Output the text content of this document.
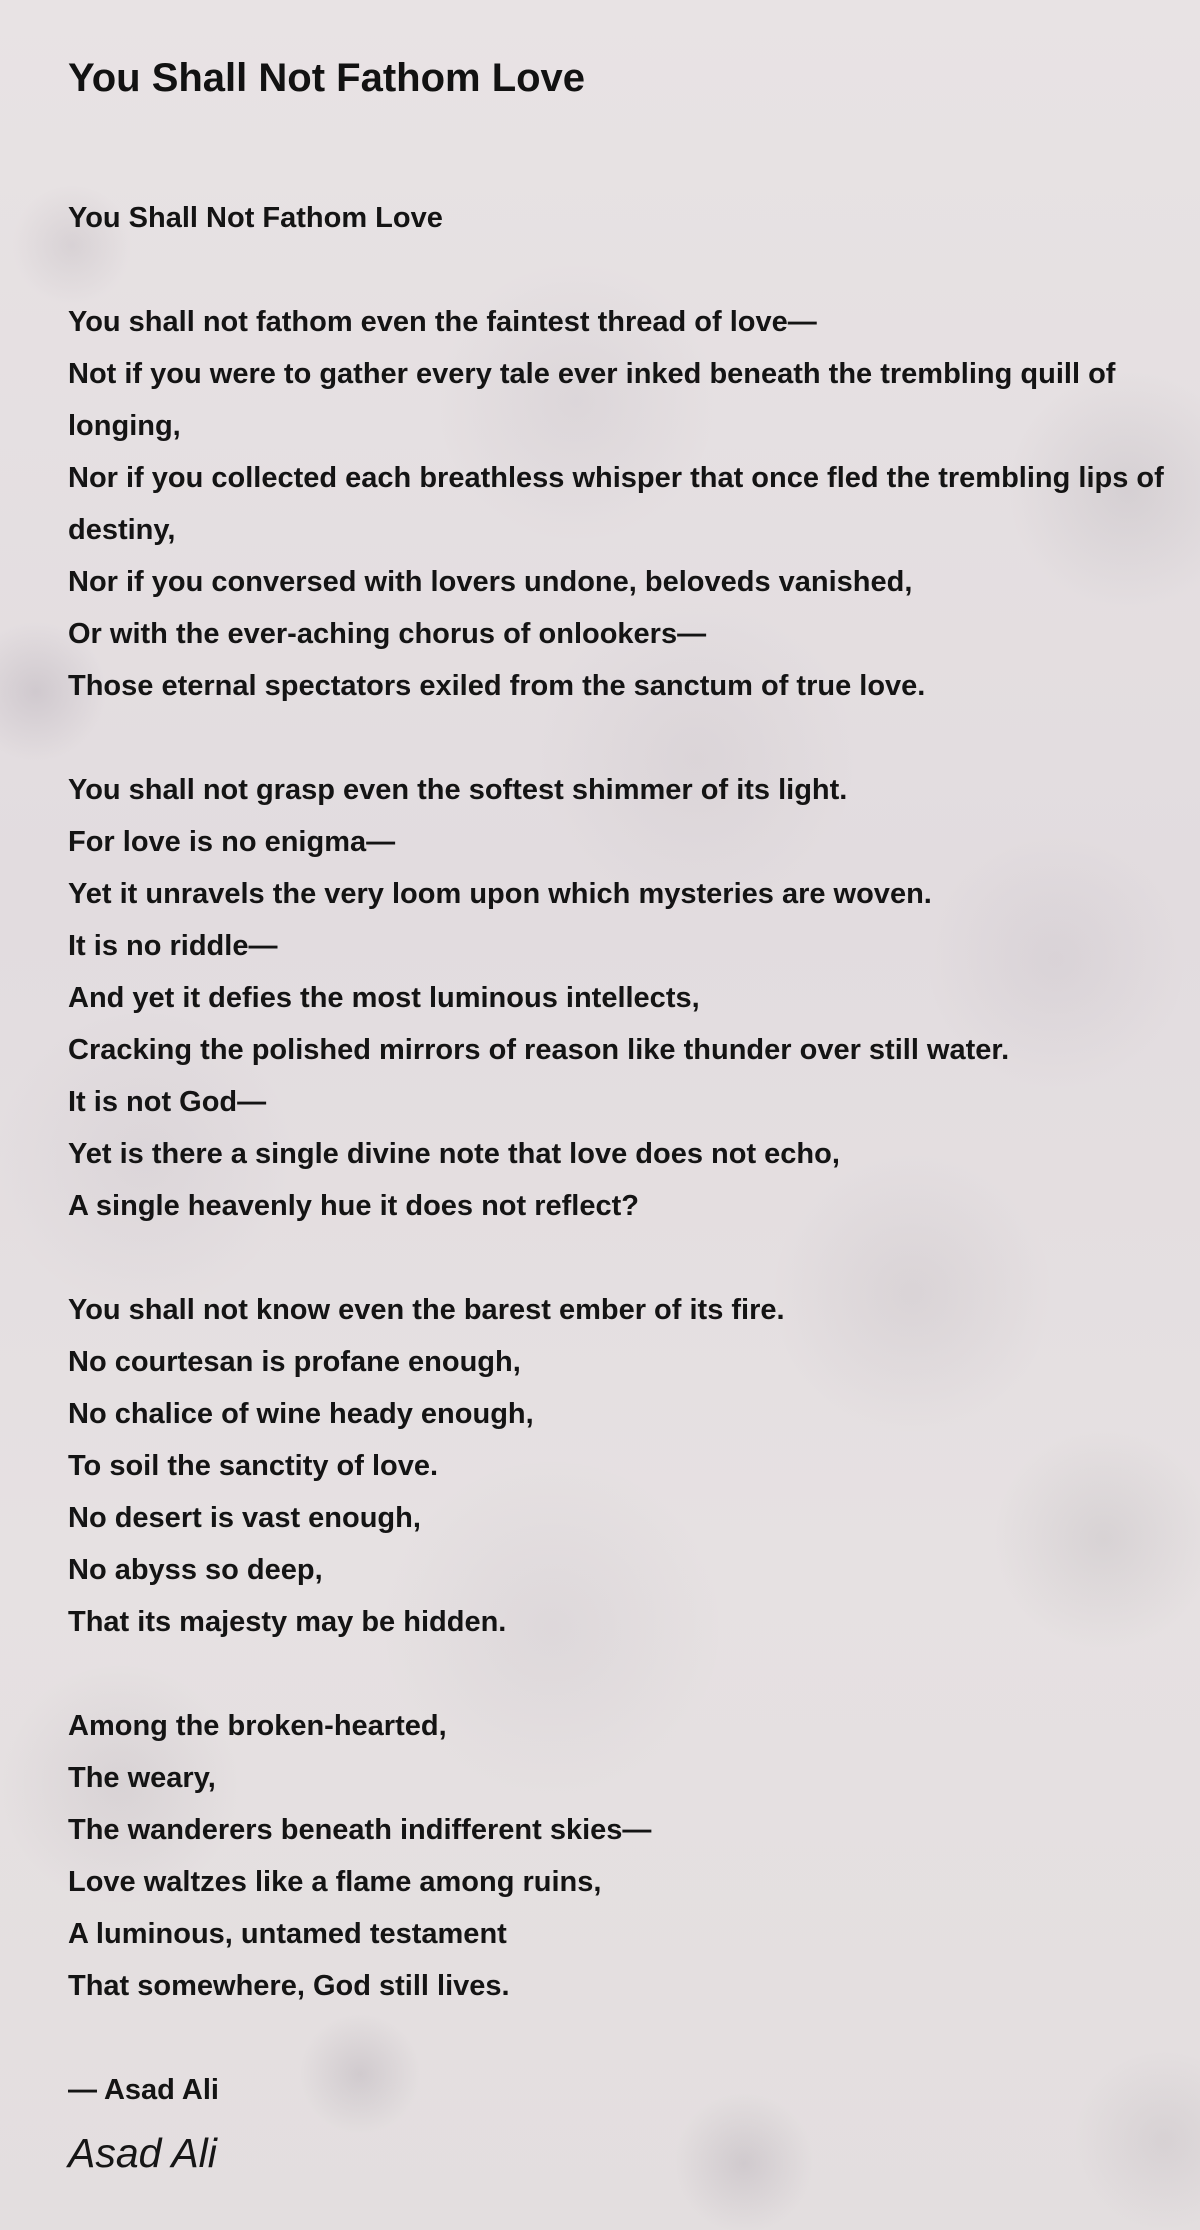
You Shall Not Fathom Love
You Shall Not Fathom Love
You shall not fathom even the faintest thread of love—
Not if you were to gather every tale ever inked beneath the trembling quill of longing,
Nor if you collected each breathless whisper that once fled the trembling lips of destiny,
Nor if you conversed with lovers undone, beloveds vanished,
Or with the ever-aching chorus of onlookers—
Those eternal spectators exiled from the sanctum of true love.
You shall not grasp even the softest shimmer of its light.
For love is no enigma—
Yet it unravels the very loom upon which mysteries are woven.
It is no riddle—
And yet it defies the most luminous intellects,
Cracking the polished mirrors of reason like thunder over still water.
It is not God—
Yet is there a single divine note that love does not echo,
A single heavenly hue it does not reflect?
You shall not know even the barest ember of its fire.
No courtesan is profane enough,
No chalice of wine heady enough,
To soil the sanctity of love.
No desert is vast enough,
No abyss so deep,
That its majesty may be hidden.
Among the broken-hearted,
The weary,
The wanderers beneath indifferent skies—
Love waltzes like a flame among ruins,
A luminous, untamed testament
That somewhere, God still lives.
— Asad Ali
Asad Ali
